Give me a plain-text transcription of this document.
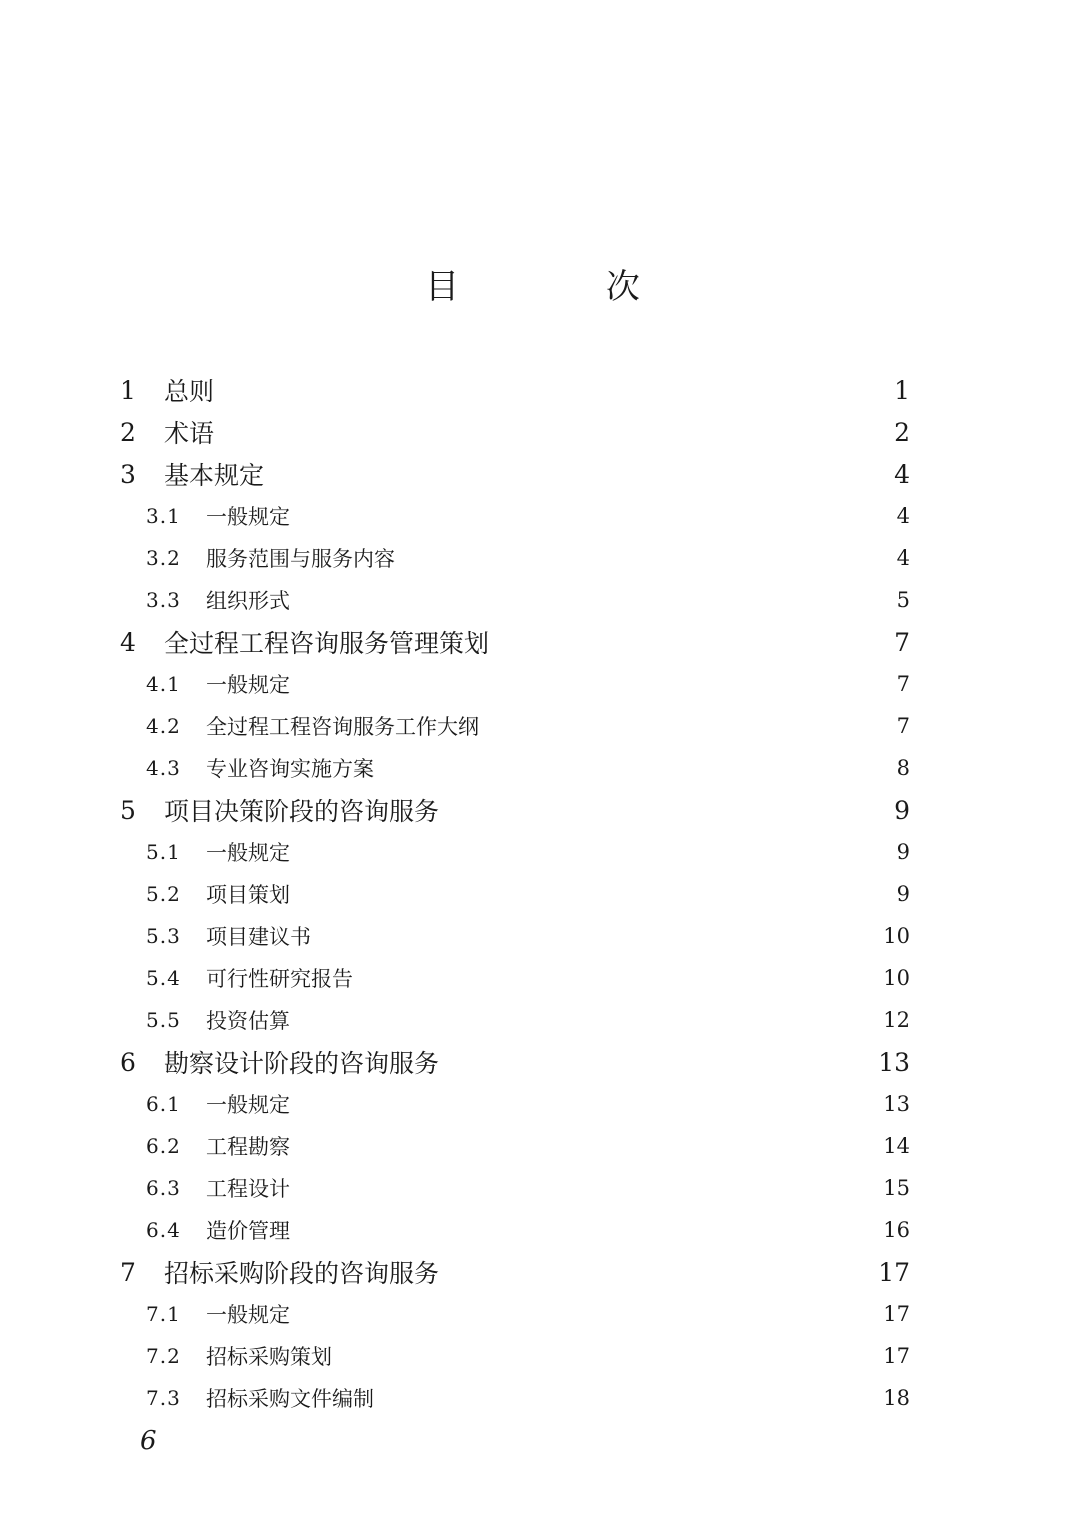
目 次
1	总则	1
2	术语	2
3	基本规定	4
3.1	一般规定	4
3.2	服务范围与服务内容	4
3.3	组织形式	5
4	全过程工程咨询服务管理策划	7
4.1	一般规定	7
4.2	全过程工程咨询服务工作大纲	7
4.3	专业咨询实施方案	8
5	项目决策阶段的咨询服务	9
5.1	一般规定	9
5.2	项目策划	9
5.3	项目建议书	10
5.4	可行性研究报告	10
5.5	投资估算	12
6	勘察设计阶段的咨询服务	13
6.1	一般规定	13
6.2	工程勘察	14
6.3	工程设计	15
6.4	造价管理	16
7	招标采购阶段的咨询服务	17
7.1	一般规定	17
7.2	招标采购策划	17
7.3	招标采购文件编制	18
6
